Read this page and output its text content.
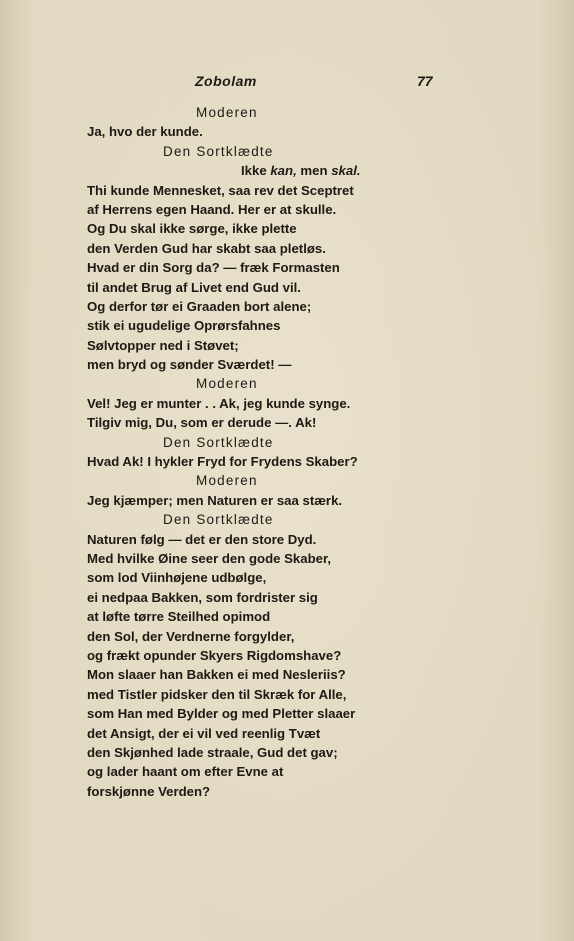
Zobolam	77
Moderen
Ja, hvo der kunde.
Den Sortklædte
Ikke kan, men skal.
Thi kunde Mennesket, saa rev det Sceptret
af Herrens egen Haand. Her er at skulle.
Og Du skal ikke sørge, ikke plette
den Verden Gud har skabt saa pletløs.
Hvad er din Sorg da? — fræk Formasten
til andet Brug af Livet end Gud vil.
Og derfor tør ei Graaden bort alene;
stik ei ugudelige Oprørsfahnes
Sølvtopper ned i Støvet;
men bryd og sønder Sværdet! —
Moderen
Vel! Jeg er munter . . Ak, jeg kunde synge.
Tilgiv mig, Du, som er derude —. Ak!
Den Sortklædte
Hvad Ak! I hykler Fryd for Frydens Skaber?
Moderen
Jeg kjæmper; men Naturen er saa stærk.
Den Sortklædte
Naturen følg — det er den store Dyd.
Med hvilke Øine seer den gode Skaber,
som lod Viinhøjene udbølge,
ei nedpaa Bakken, som fordrister sig
at løfte tørre Steilhed opimod
den Sol, der Verdnerne forgylder,
og frækt opunder Skyers Rigdomshave?
Mon slaaer han Bakken ei med Nesleriis?
med Tistler pidsker den til Skræk for Alle,
som Han med Bylder og med Pletter slaaer
det Ansigt, der ei vil ved reenlig Tvæt
den Skjønhed lade straale, Gud det gav;
og lader haant om efter Evne at
forskjønne Verden?
